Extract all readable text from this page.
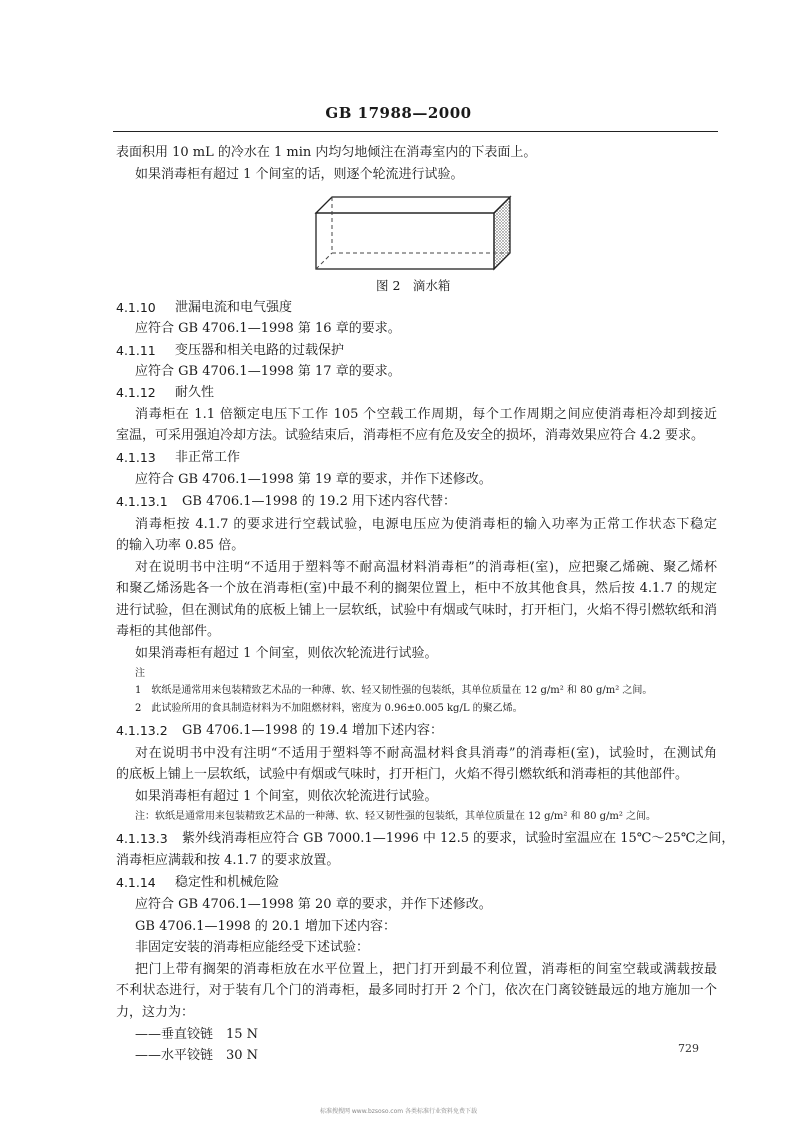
GB 17988—2000
表面积用 10 mL 的冷水在 1 min 内均匀地倾注在消毒室内的下表面上。
如果消毒柜有超过 1 个间室的话，则逐个轮流进行试验。
图 2　滴水箱
4.1.10 泄漏电流和电气强度
应符合 GB 4706.1—1998 第 16 章的要求。
4.1.11 变压器和相关电路的过载保护
应符合 GB 4706.1—1998 第 17 章的要求。
4.1.12 耐久性
消毒柜在 1.1 倍额定电压下工作 105 个空载工作周期，每个工作周期之间应使消毒柜冷却到接近
室温，可采用强迫冷却方法。试验结束后，消毒柜不应有危及安全的损坏，消毒效果应符合 4.2 要求。
4.1.13 非正常工作
应符合 GB 4706.1—1998 第 19 章的要求，并作下述修改。
4.1.13.1 GB 4706.1—1998 的 19.2 用下述内容代替：
消毒柜按 4.1.7 的要求进行空载试验，电源电压应为使消毒柜的输入功率为正常工作状态下稳定
的输入功率 0.85 倍。
对在说明书中注明“不适用于塑料等不耐高温材料消毒柜”的消毒柜(室)，应把聚乙烯碗、聚乙烯杯
和聚乙烯汤匙各一个放在消毒柜(室)中最不利的搁架位置上，柜中不放其他食具，然后按 4.1.7 的规定
进行试验，但在测试角的底板上铺上一层软纸，试验中有烟或气味时，打开柜门，火焰不得引燃软纸和消
毒柜的其他部件。
如果消毒柜有超过 1 个间室，则依次轮流进行试验。
注
1　软纸是通常用来包装精致艺术品的一种薄、软、轻又韧性强的包装纸，其单位质量在 12 g/m² 和 80 g/m² 之间。
2　此试验所用的食具制造材料为不加阻燃材料，密度为 0.96±0.005 kg/L 的聚乙烯。
4.1.13.2 GB 4706.1—1998 的 19.4 增加下述内容：
对在说明书中没有注明“不适用于塑料等不耐高温材料食具消毒”的消毒柜(室)，试验时，在测试角
的底板上铺上一层软纸，试验中有烟或气味时，打开柜门，火焰不得引燃软纸和消毒柜的其他部件。
如果消毒柜有超过 1 个间室，则依次轮流进行试验。
注：软纸是通常用来包装精致艺术品的一种薄、软、轻又韧性强的包装纸，其单位质量在 12 g/m² 和 80 g/m² 之间。
4.1.13.3 紫外线消毒柜应符合 GB 7000.1—1996 中 12.5 的要求，试验时室温应在 15℃～25℃之间，
消毒柜应满载和按 4.1.7 的要求放置。
4.1.14 稳定性和机械危险
应符合 GB 4706.1—1998 第 20 章的要求，并作下述修改。
GB 4706.1—1998 的 20.1 增加下述内容：
非固定安装的消毒柜应能经受下述试验：
把门上带有搁架的消毒柜放在水平位置上，把门打开到最不利位置，消毒柜的间室空载或满载按最
不利状态进行，对于装有几个门的消毒柜，最多同时打开 2 个门，依次在门离铰链最远的地方施加一个
力，这力为：
——垂直铰链　15 N
——水平铰链　30 N	729
标准搜搜网 www.bzsoso.com 各类标准行业资料免费下载
